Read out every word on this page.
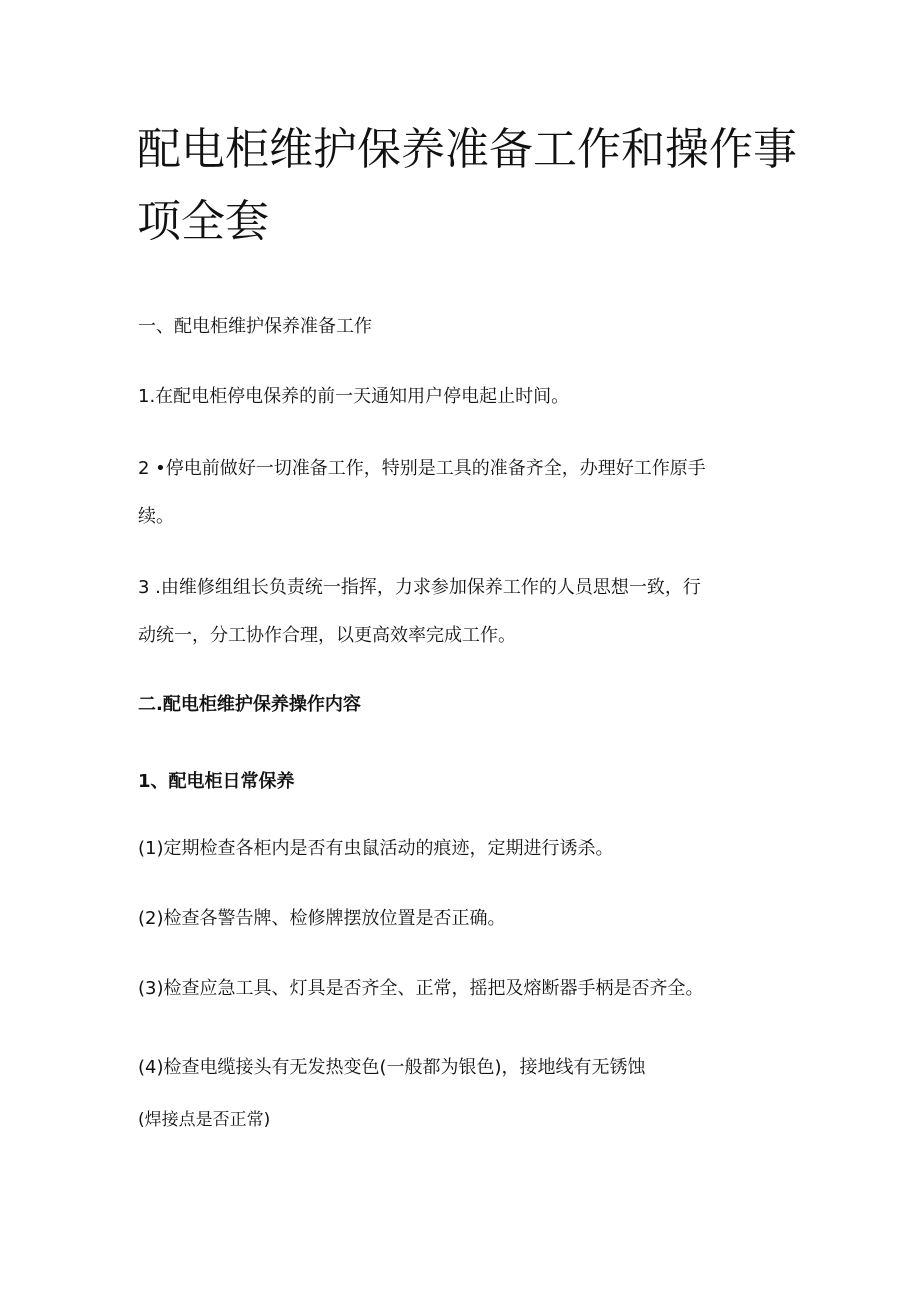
配电柜维护保养准备工作和操作事
项全套

一、配电柜维护保养准备工作

1.在配电柜停电保养的前一天通知用户停电起止时间。

2 •停电前做好一切准备工作，特别是工具的准备齐全，办理好工作原手

续。

3 .由维修组组长负责统一指挥，力求参加保养工作的人员思想一致，行

动统一，分工协作合理，以更高效率完成工作。

二.配电柜维护保养操作内容

1、配电柜日常保养

(1)定期检查各柜内是否有虫鼠活动的痕迹，定期进行诱杀。

(2)检查各警告牌、检修牌摆放位置是否正确。

(3)检查应急工具、灯具是否齐全、正常，摇把及熔断器手柄是否齐全。

(4)检查电缆接头有无发热变色(一般都为银色)，接地线有无锈蚀

(焊接点是否正常)
